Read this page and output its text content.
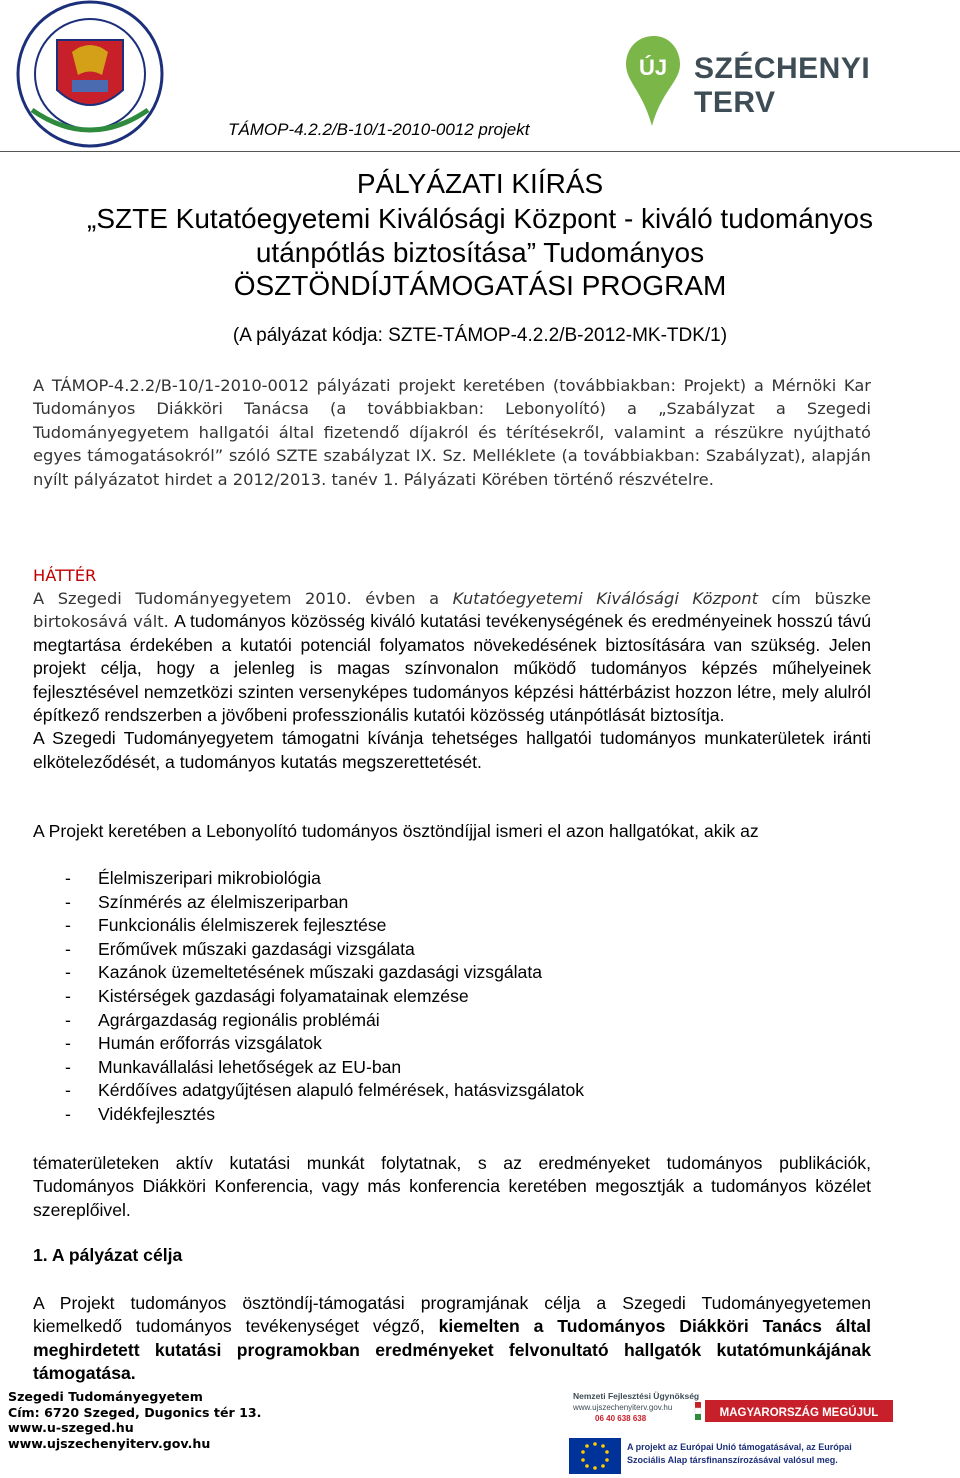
TÁMOP-4.2.2/B-10/1-2010-0012 projekt
ÚJ SZÉCHENYI TERV
PÁLYÁZATI KIÍRÁS
„SZTE Kutatóegyetemi Kiválósági Központ - kiváló tudományos
utánpótlás biztosítása” Tudományos
ÖSZTÖNDÍJTÁMOGATÁSI PROGRAM
(A pályázat kódja: SZTE-TÁMOP-4.2.2/B-2012-MK-TDK/1)
A TÁMOP-4.2.2/B-10/1-2010-0012 pályázati projekt keretében (továbbiakban: Projekt) a Mérnöki Kar Tudományos Diákköri Tanácsa (a továbbiakban: Lebonyolító) a „Szabályzat a Szegedi Tudományegyetem hallgatói által fizetendő díjakról és térítésekről, valamint a részükre nyújtható egyes támogatásokról” szóló SZTE szabályzat IX. Sz. Melléklete (a továbbiakban: Szabályzat), alapján nyílt pályázatot hirdet a 2012/2013. tanév 1. Pályázati Körében történő részvételre.
HÁTTÉR
A Szegedi Tudományegyetem 2010. évben a Kutatóegyetemi Kiválósági Központ cím büszke birtokosává vált. A tudományos közösség kiváló kutatási tevékenységének és eredményeinek hosszú távú megtartása érdekében a kutatói potenciál folyamatos növekedésének biztosítására van szükség. Jelen projekt célja, hogy a jelenleg is magas színvonalon működő tudományos képzés műhelyeinek fejlesztésével nemzetközi szinten versenyképes tudományos képzési háttérbázist hozzon létre, mely alulról építkező rendszerben a jövőbeni professzionális kutatói közösség utánpótlását biztosítja.
A Szegedi Tudományegyetem támogatni kívánja tehetséges hallgatói tudományos munkaterületek iránti elköteleződését, a tudományos kutatás megszerettetését.
A Projekt keretében a Lebonyolító tudományos ösztöndíjjal ismeri el azon hallgatókat, akik az
- Élelmiszeripari mikrobiológia
- Színmérés az élelmiszeriparban
- Funkcionális élelmiszerek fejlesztése
- Erőművek műszaki gazdasági vizsgálata
- Kazánok üzemeltetésének műszaki gazdasági vizsgálata
- Kistérségek gazdasági folyamatainak elemzése
- Agrárgazdaság regionális problémái
- Humán erőforrás vizsgálatok
- Munkavállalási lehetőségek az EU-ban
- Kérdőíves adatgyűjtésen alapuló felmérések, hatásvizsgálatok
- Vidékfejlesztés
tématerületeken aktív kutatási munkát folytatnak, s az eredményeket tudományos publikációk, Tudományos Diákköri Konferencia, vagy más konferencia keretében megosztják a tudományos közélet szereplőivel.
1. A pályázat célja
A Projekt tudományos ösztöndíj-támogatási programjának célja a Szegedi Tudományegyetemen kiemelkedő tudományos tevékenységet végző, kiemelten a Tudományos Diákköri Tanács által meghirdetett kutatási programokban eredményeket felvonultató hallgatók kutatómunkájának támogatása.
Szegedi Tudományegyetem
Cím: 6720 Szeged, Dugonics tér 13.
www.u-szeged.hu
www.ujszechenyiterv.gov.hu
Nemzeti Fejlesztési Ügynökség
www.ujszechenyiterv.gov.hu
06 40 638 638	MAGYARORSZÁG MEGÚJUL
A projekt az Európai Unió támogatásával, az Európai
Szociális Alap társfinanszírozásával valósul meg.
